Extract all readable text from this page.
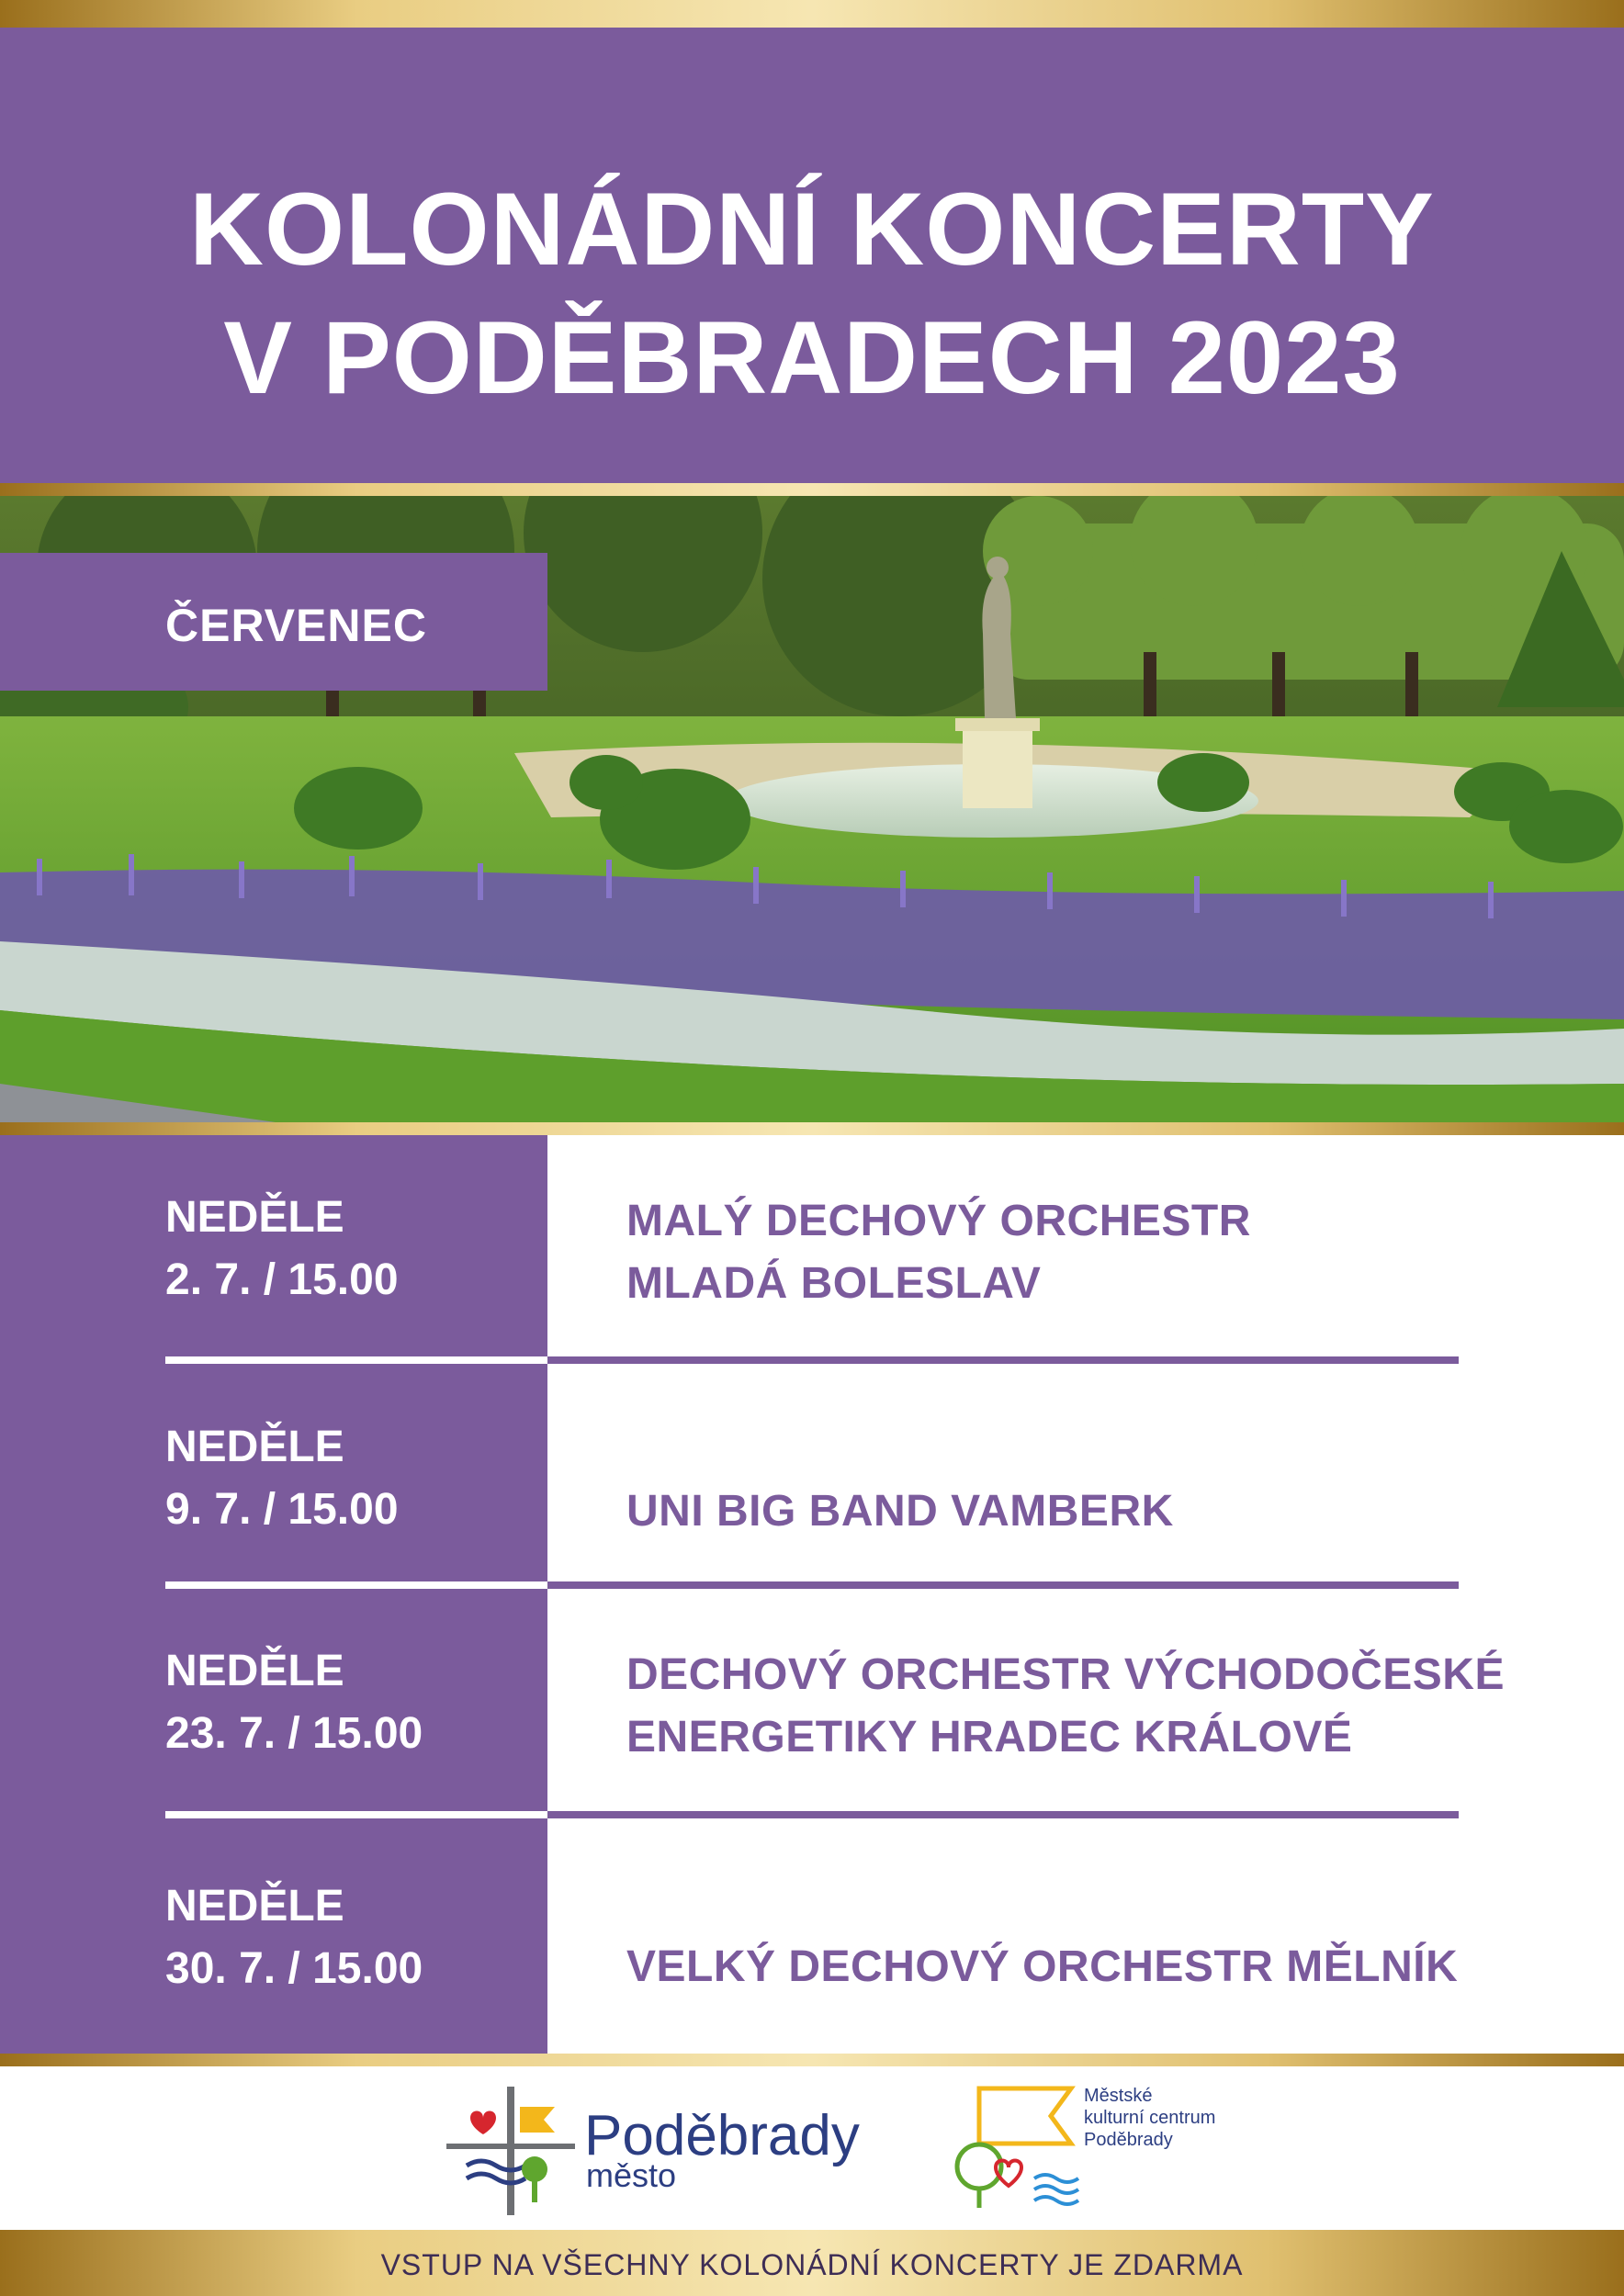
KOLONÁDNÍ KONCERTY
V PODĚBRADECH 2023
ČERVENEC
NEDĚLE
2. 7. / 15.00
MALÝ DECHOVÝ ORCHESTR
MLADÁ BOLESLAV
NEDĚLE
9. 7. / 15.00	UNI BIG BAND VAMBERK
NEDĚLE
23. 7. / 15.00
DECHOVÝ ORCHESTR VÝCHODOČESKÉ
ENERGETIKY HRADEC KRÁLOVÉ
NEDĚLE
30. 7. / 15.00	VELKÝ DECHOVÝ ORCHESTR MĚLNÍK
Poděbrady
město
Městské
kulturní centrum
Poděbrady
VSTUP NA VŠECHNY KOLONÁDNÍ KONCERTY JE ZDARMA
